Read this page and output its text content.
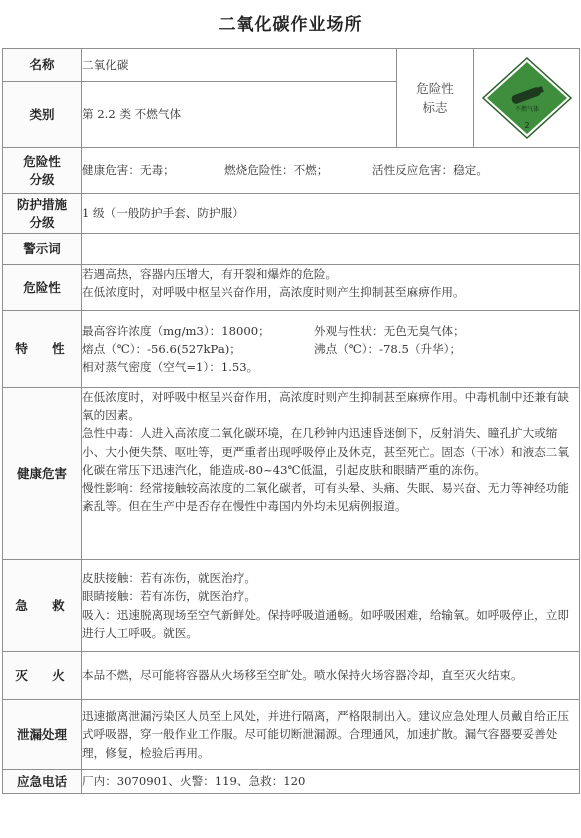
二氧化碳作业场所
名称	二氧化碳	危险性标志	不燃气体
2

类别	第 2.2 类 不燃气体		
危险性分级	健康危害：无毒； 燃烧危险性：不燃； 活性反应危害：稳定。		

防护措施分级	1 级（一般防护手套、防护服）		
警示词			
危险性	若遇高热，容器内压增大，有开裂和爆炸的危险。
在低浓度时，对呼吸中枢呈兴奋作用，高浓度时则产生抑制甚至麻痹作用。		

特 性	最高容许浓度（mg/m3）：18000； 外观与性状：无色无臭气体；
熔点（℃）：-56.6(527kPa)； 沸点（℃）：-78.5（升华）；
相对蒸气密度（空气=1）：1.53。		

健康危害	在低浓度时，对呼吸中枢呈兴奋作用，高浓度时则产生抑制甚至麻痹作用。中毒机制中还兼有缺氧的因素。
急性中毒：人进入高浓度二氧化碳环境，在几秒钟内迅速昏迷倒下，反射消失、瞳孔扩大或缩小、大小便失禁、呕吐等，更严重者出现呼吸停止及休克，甚至死亡。固态（干冰）和液态二氧化碳在常压下迅速汽化，能造成-80~43℃低温，引起皮肤和眼睛严重的冻伤。
慢性影响：经常接触较高浓度的二氧化碳者，可有头晕、头痛、失眠、易兴奋、无力等神经功能紊乱等。但在生产中是否存在慢性中毒国内外均未见病例报道。		

急 救	皮肤接触：若有冻伤，就医治疗。
眼睛接触：若有冻伤，就医治疗。
吸入：迅速脱离现场至空气新鲜处。保持呼吸道通畅。如呼吸困难，给输氧。如呼吸停止，立即进行人工呼吸。就医。		

灭 火	本品不燃，尽可能将容器从火场移至空旷处。喷水保持火场容器冷却，直至灭火结束。		
泄漏处理	迅速撤离泄漏污染区人员至上风处，并进行隔离，严格限制出入。建议应急处理人员戴自给正压式呼吸器，穿一般作业工作服。尽可能切断泄漏源。合理通风，加速扩散。漏气容器要妥善处理，修复，检验后再用。		
应急电话	厂内：3070901、火警：119、急救：120		
